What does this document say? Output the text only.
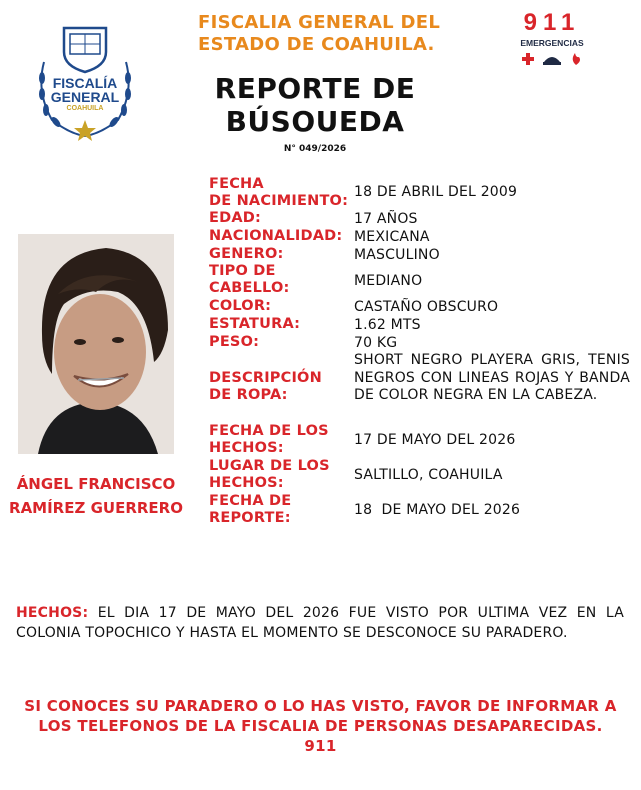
FISCALÍA
GENERAL
COAHUILA
FISCALIA GENERAL DEL
ESTADO DE COAHUILA.
911
EMERGENCIAS
REPORTE DE
BÚSOUEDA
N° 049/2026
ÁNGEL FRANCISCO
RAMÍREZ GUERRERO
FECHA
DE NACIMIENTO:
EDAD:
NACIONALIDAD:
GENERO:
TIPO DE
CABELLO:
COLOR:
ESTATURA:
PESO:
DESCRIPCIÓN
DE ROPA:
FECHA DE LOS
HECHOS:
LUGAR DE LOS
HECHOS:
FECHA DE
REPORTE:
18 DE ABRIL DEL 2009
17 AÑOS
MEXICANA
MASCULINO
MEDIANO
CASTAÑO OBSCURO
1.62 MTS
70 KG
SHORT NEGRO PLAYERA GRIS, TENIS NEGROS CON LINEAS ROJAS Y BANDA DE COLOR NEGRA EN LA CABEZA.
17 DE MAYO DEL 2026
SALTILLO, COAHUILA
18  DE MAYO DEL 2026
HECHOS: EL DIA 17 DE MAYO DEL 2026 FUE VISTO POR ULTIMA VEZ EN LA COLONIA TOPOCHICO Y HASTA EL MOMENTO SE DESCONOCE SU PARADERO.
SI CONOCES SU PARADERO O LO HAS VISTO, FAVOR DE INFORMAR A
LOS TELEFONOS DE LA FISCALIA DE PERSONAS DESAPARECIDAS.
911
